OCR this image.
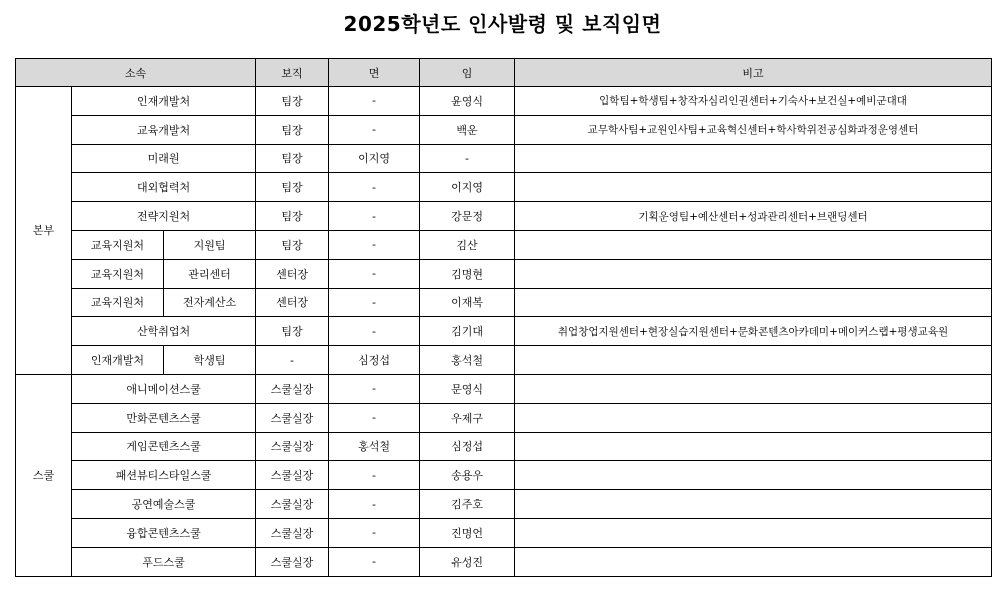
2025학년도 인사발령 및 보직임면
소속			보직	면	임	비고
본부	인재개발처		팀장	-	윤영식	입학팀+학생팀+창작자심리인권센터+기숙사+보건실+예비군대대
	교육개발처		팀장	-	백운	교무학사팀+교원인사팀+교육혁신센터+학사학위전공심화과정운영센터
	미래원		팀장	이지영	-	
	대외협력처		팀장	-	이지영	
	전략지원처		팀장	-	강문정	기획운영팀+예산센터+성과관리센터+브랜딩센터
	교육지원처	지원팀	팀장	-	김산	
	교육지원처	관리센터	센터장	-	김명현	
	교육지원처	전자계산소	센터장	-	이재복	
	산학취업처		팀장	-	김기대	취업창업지원센터+현장실습지원센터+문화콘텐츠아카데미+메이커스랩+평생교육원
	인재개발처	학생팀	-	심정섭	홍석철	
스쿨	애니메이션스쿨		스쿨실장	-	문영식	
	만화콘텐츠스쿨		스쿨실장	-	우제구	
	게임콘텐츠스쿨		스쿨실장	홍석철	심정섭	
	패션뷰티스타일스쿨		스쿨실장	-	송용우	
	공연예술스쿨		스쿨실장	-	김주호	
	융합콘텐츠스쿨		스쿨실장	-	진명언	
	푸드스쿨		스쿨실장	-	유성진	
